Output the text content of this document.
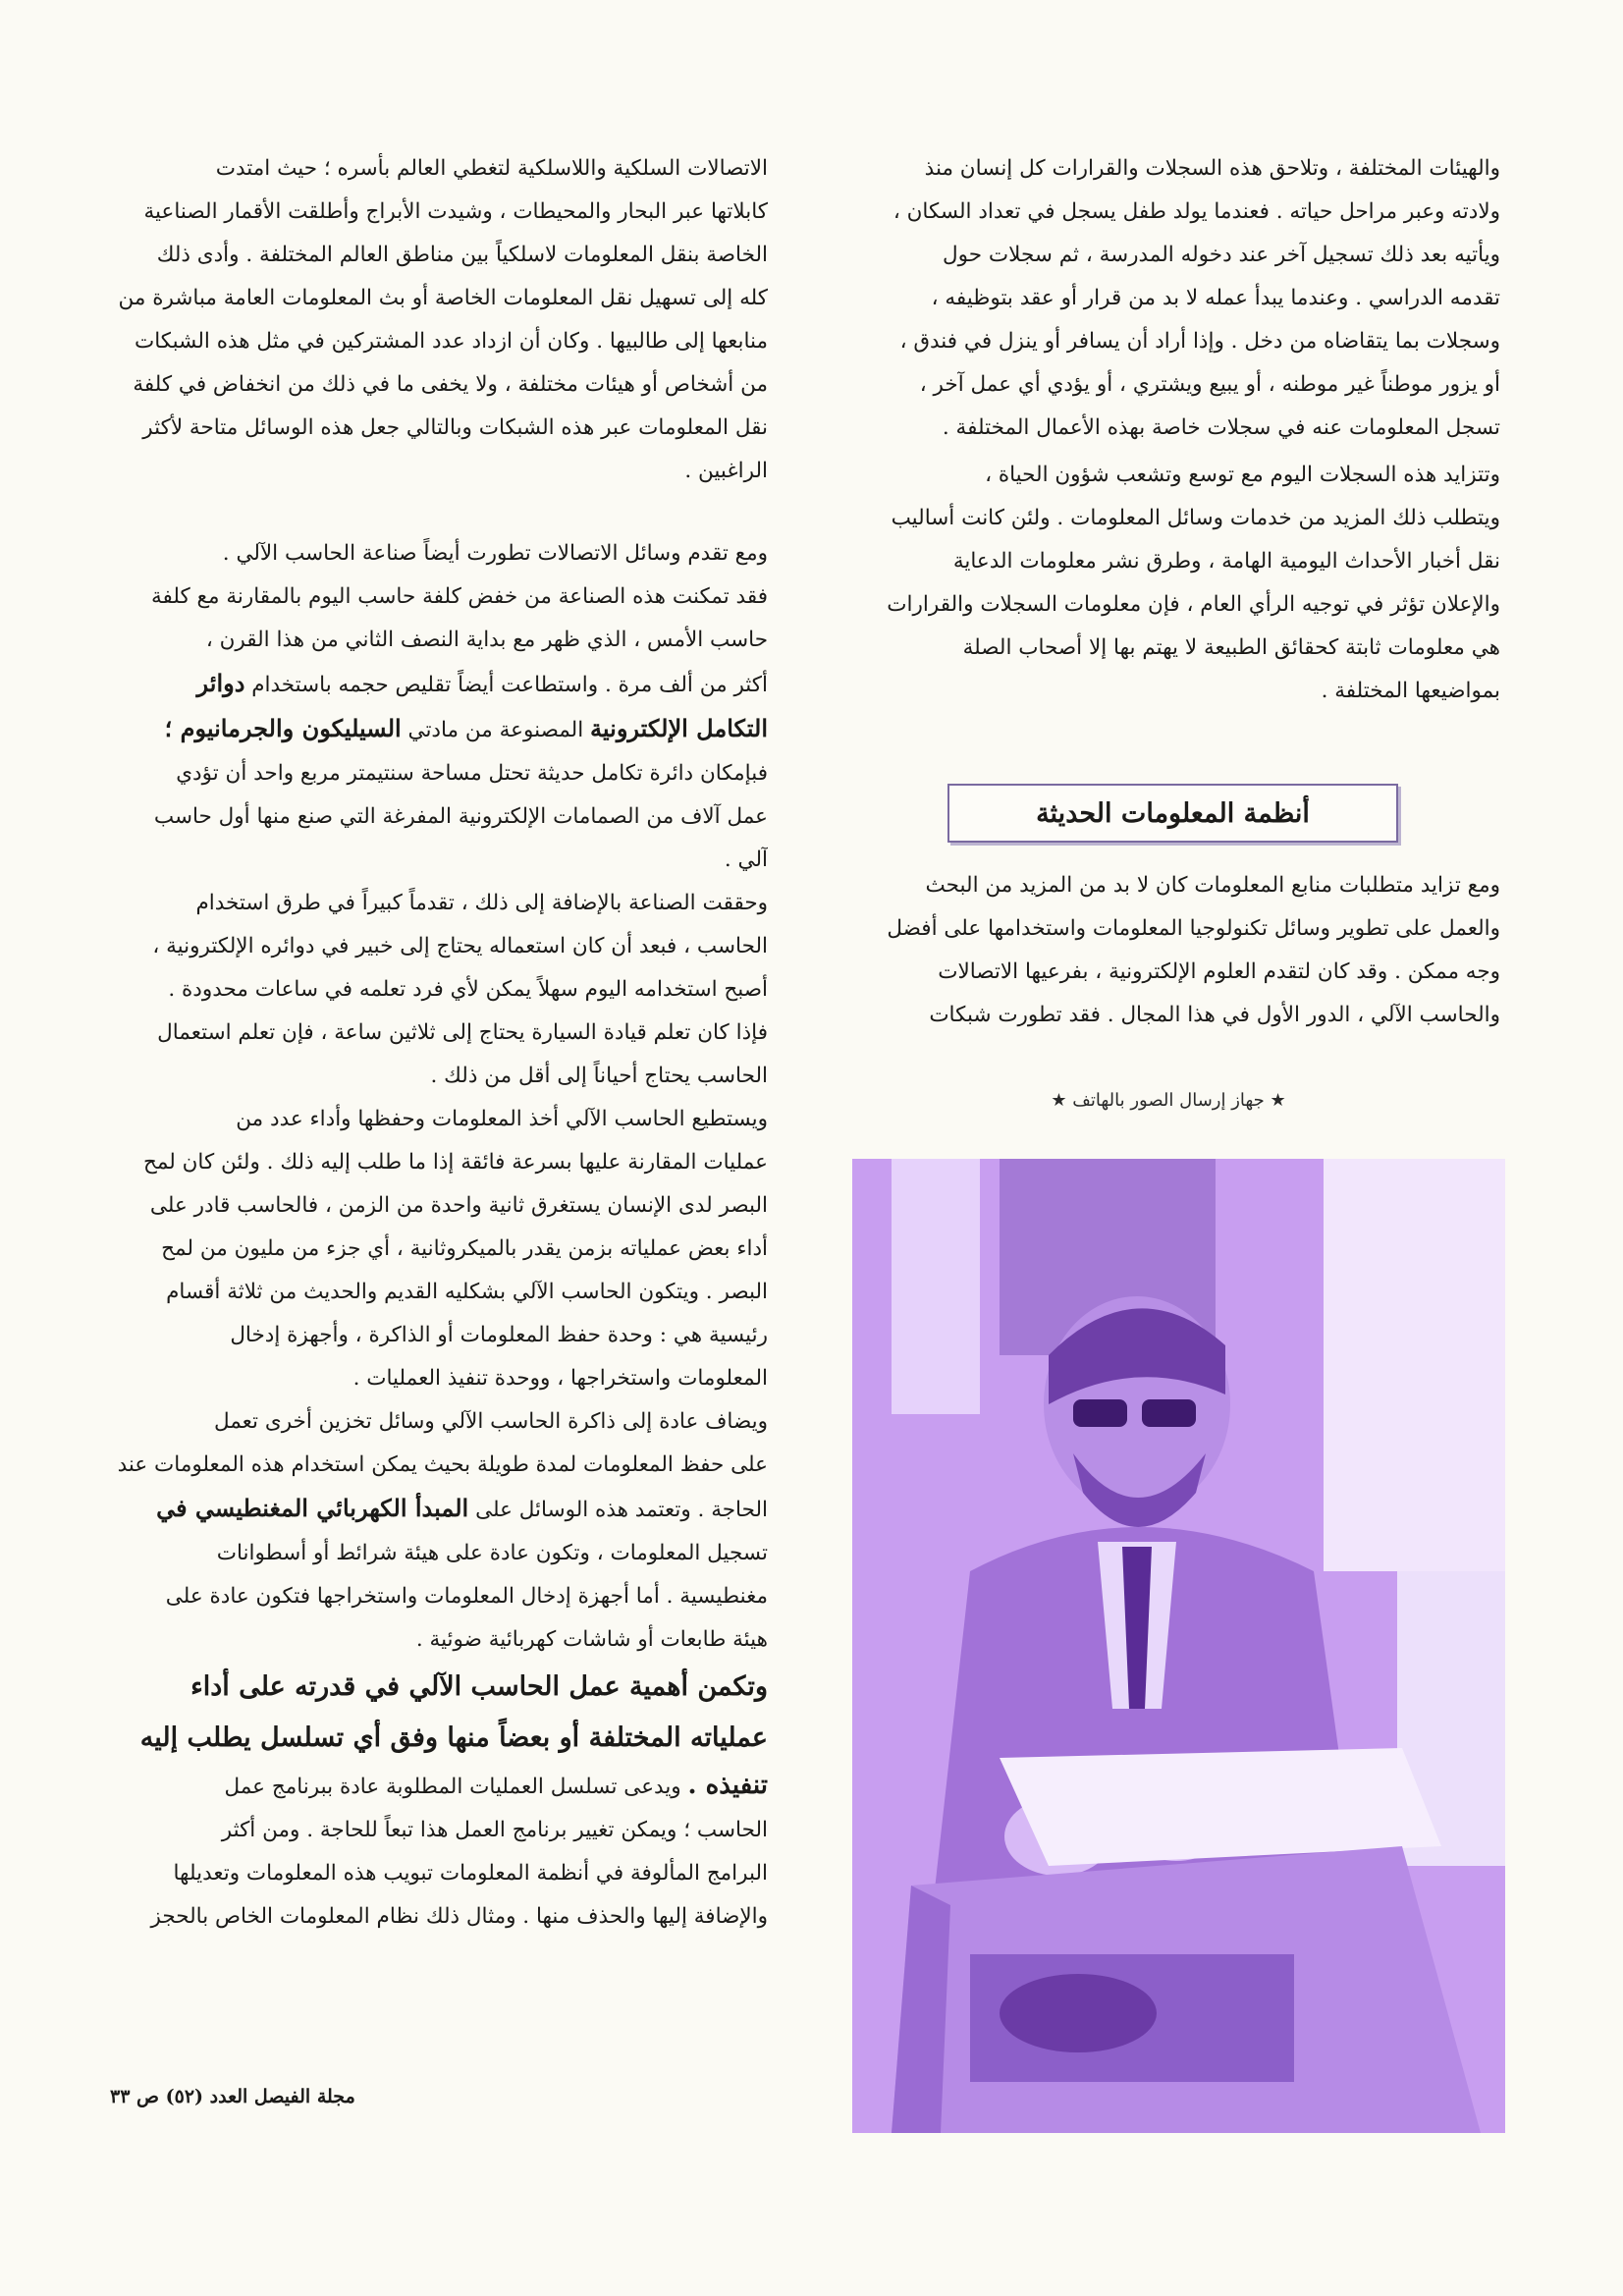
والهيئات المختلفة ، وتلاحق هذه السجلات والقرارات كل إنسان منذ
ولادته وعبر مراحل حياته . فعندما يولد طفل يسجل في تعداد السكان ،
ويأتيه بعد ذلك تسجيل آخر عند دخوله المدرسة ، ثم سجلات حول
تقدمه الدراسي . وعندما يبدأ عمله لا بد من قرار أو عقد بتوظيفه ،
وسجلات بما يتقاضاه من دخل . وإذا أراد أن يسافر أو ينزل في فندق ،
أو يزور موطناً غير موطنه ، أو يبيع ويشتري ، أو يؤدي أي عمل آخر ،
تسجل المعلومات عنه في سجلات خاصة بهذه الأعمال المختلفة .

وتتزايد هذه السجلات اليوم مع توسع وتشعب شؤون الحياة ،
ويتطلب ذلك المزيد من خدمات وسائل المعلومات . ولئن كانت أساليب
نقل أخبار الأحداث اليومية الهامة ، وطرق نشر معلومات الدعاية
والإعلان تؤثر في توجيه الرأي العام ، فإن معلومات السجلات والقرارات
هي معلومات ثابتة كحقائق الطبيعة لا يهتم بها إلا أصحاب الصلة
بمواضيعها المختلفة .

أنظمة المعلومات الحديثة

ومع تزايد متطلبات منابع المعلومات كان لا بد من المزيد من البحث
والعمل على تطوير وسائل تكنولوجيا المعلومات واستخدامها على أفضل
وجه ممكن . وقد كان لتقدم العلوم الإلكترونية ، بفرعيها الاتصالات
والحاسب الآلي ، الدور الأول في هذا المجال . فقد تطورت شبكات

★ جهاز إرسال الصور بالهاتف ★

الاتصالات السلكية واللاسلكية لتغطي العالم بأسره ؛ حيث امتدت
كابلاتها عبر البحار والمحيطات ، وشيدت الأبراج وأطلقت الأقمار الصناعية
الخاصة بنقل المعلومات لاسلكياً بين مناطق العالم المختلفة . وأدى ذلك
كله إلى تسهيل نقل المعلومات الخاصة أو بث المعلومات العامة مباشرة من
منابعها إلى طالبيها . وكان أن ازداد عدد المشتركين في مثل هذه الشبكات
من أشخاص أو هيئات مختلفة ، ولا يخفى ما في ذلك من انخفاض في كلفة
نقل المعلومات عبر هذه الشبكات وبالتالي جعل هذه الوسائل متاحة لأكثر
الراغبين .

ومع تقدم وسائل الاتصالات تطورت أيضاً صناعة الحاسب الآلي .
فقد تمكنت هذه الصناعة من خفض كلفة حاسب اليوم بالمقارنة مع كلفة
حاسب الأمس ، الذي ظهر مع بداية النصف الثاني من هذا القرن ،
أكثر من ألف مرة . واستطاعت أيضاً تقليص حجمه باستخدام دوائر
التكامل الإلكترونية المصنوعة من مادتي السيليكون والجرمانيوم ؛
فبإمكان دائرة تكامل حديثة تحتل مساحة سنتيمتر مربع واحد أن تؤدي
عمل آلاف من الصمامات الإلكترونية المفرغة التي صنع منها أول حاسب
آلي .

وحققت الصناعة بالإضافة إلى ذلك ، تقدماً كبيراً في طرق استخدام
الحاسب ، فبعد أن كان استعماله يحتاج إلى خبير في دوائره الإلكترونية ،
أصبح استخدامه اليوم سهلاً يمكن لأي فرد تعلمه في ساعات محدودة .
فإذا كان تعلم قيادة السيارة يحتاج إلى ثلاثين ساعة ، فإن تعلم استعمال
الحاسب يحتاج أحياناً إلى أقل من ذلك .

ويستطيع الحاسب الآلي أخذ المعلومات وحفظها وأداء عدد من
عمليات المقارنة عليها بسرعة فائقة إذا ما طلب إليه ذلك . ولئن كان لمح
البصر لدى الإنسان يستغرق ثانية واحدة من الزمن ، فالحاسب قادر على
أداء بعض عملياته بزمن يقدر بالميكروثانية ، أي جزء من مليون من لمح
البصر . ويتكون الحاسب الآلي بشكليه القديم والحديث من ثلاثة أقسام
رئيسية هي : وحدة حفظ المعلومات أو الذاكرة ، وأجهزة إدخال
المعلومات واستخراجها ، ووحدة تنفيذ العمليات .

ويضاف عادة إلى ذاكرة الحاسب الآلي وسائل تخزين أخرى تعمل
على حفظ المعلومات لمدة طويلة بحيث يمكن استخدام هذه المعلومات عند
الحاجة . وتعتمد هذه الوسائل على المبدأ الكهربائي المغنطيسي في
تسجيل المعلومات ، وتكون عادة على هيئة شرائط أو أسطوانات
مغنطيسية . أما أجهزة إدخال المعلومات واستخراجها فتكون عادة على
هيئة طابعات أو شاشات كهربائية ضوئية .

وتكمن أهمية عمل الحاسب الآلي في قدرته على أداء
عملياته المختلفة أو بعضاً منها وفق أي تسلسل يطلب إليه
تنفيذه . ويدعى تسلسل العمليات المطلوبة عادة ببرنامج عمل
الحاسب ؛ ويمكن تغيير برنامج العمل هذا تبعاً للحاجة . ومن أكثر
البرامج المألوفة في أنظمة المعلومات تبويب هذه المعلومات وتعديلها
والإضافة إليها والحذف منها . ومثال ذلك نظام المعلومات الخاص بالحجز

مجلة الفيصل العدد (٥٢) ص ٣٣
